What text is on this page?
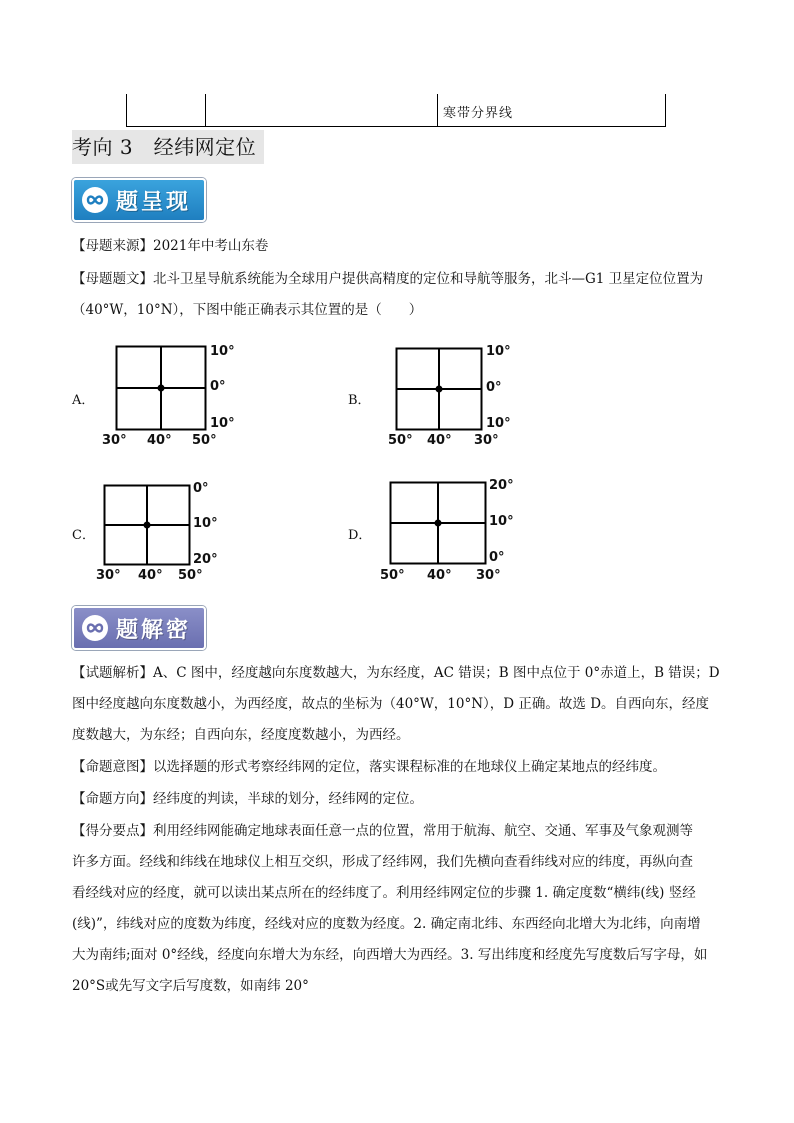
寒带分界线
考向 3　经纬网定位
题呈现
【母题来源】2021年中考山东卷
【母题题文】北斗卫星导航系统能为全球用户提供高精度的定位和导航等服务，北斗—G1 卫星定位位置为
（40°W，10°N），下图中能正确表示其位置的是（　　）
A．
10°
0°
10°
30° 40° 50°
B．
10°
0°
10°
50° 40° 30°
C．
0°
10°
20°
30° 40° 50°
D．
20°
10°
0°
50° 40° 30°
题解密
【试题解析】A、C 图中，经度越向东度数越大，为东经度，AC 错误；B 图中点位于 0°赤道上，B 错误；D
图中经度越向东度数越小，为西经度，故点的坐标为（40°W，10°N），D 正确。故选 D。自西向东，经度
度数越大，为东经；自西向东，经度度数越小，为西经。
【命题意图】以选择题的形式考察经纬网的定位，落实课程标准的在地球仪上确定某地点的经纬度。
【命题方向】经纬度的判读，半球的划分，经纬网的定位。
【得分要点】利用经纬网能确定地球表面任意一点的位置，常用于航海、航空、交通、军事及气象观测等
许多方面。经线和纬线在地球仪上相互交织，形成了经纬网，我们先横向查看纬线对应的纬度，再纵向查
看经线对应的经度，就可以读出某点所在的经纬度了。利用经纬网定位的步骤 1. 确定度数“横纬(线) 竖经
(线)”，纬线对应的度数为纬度，经线对应的度数为经度。2. 确定南北纬、东西经向北增大为北纬，向南增
大为南纬;面对 0°经线，经度向东增大为东经，向西增大为西经。3. 写出纬度和经度先写度数后写字母，如
20°S或先写文字后写度数，如南纬 20°
